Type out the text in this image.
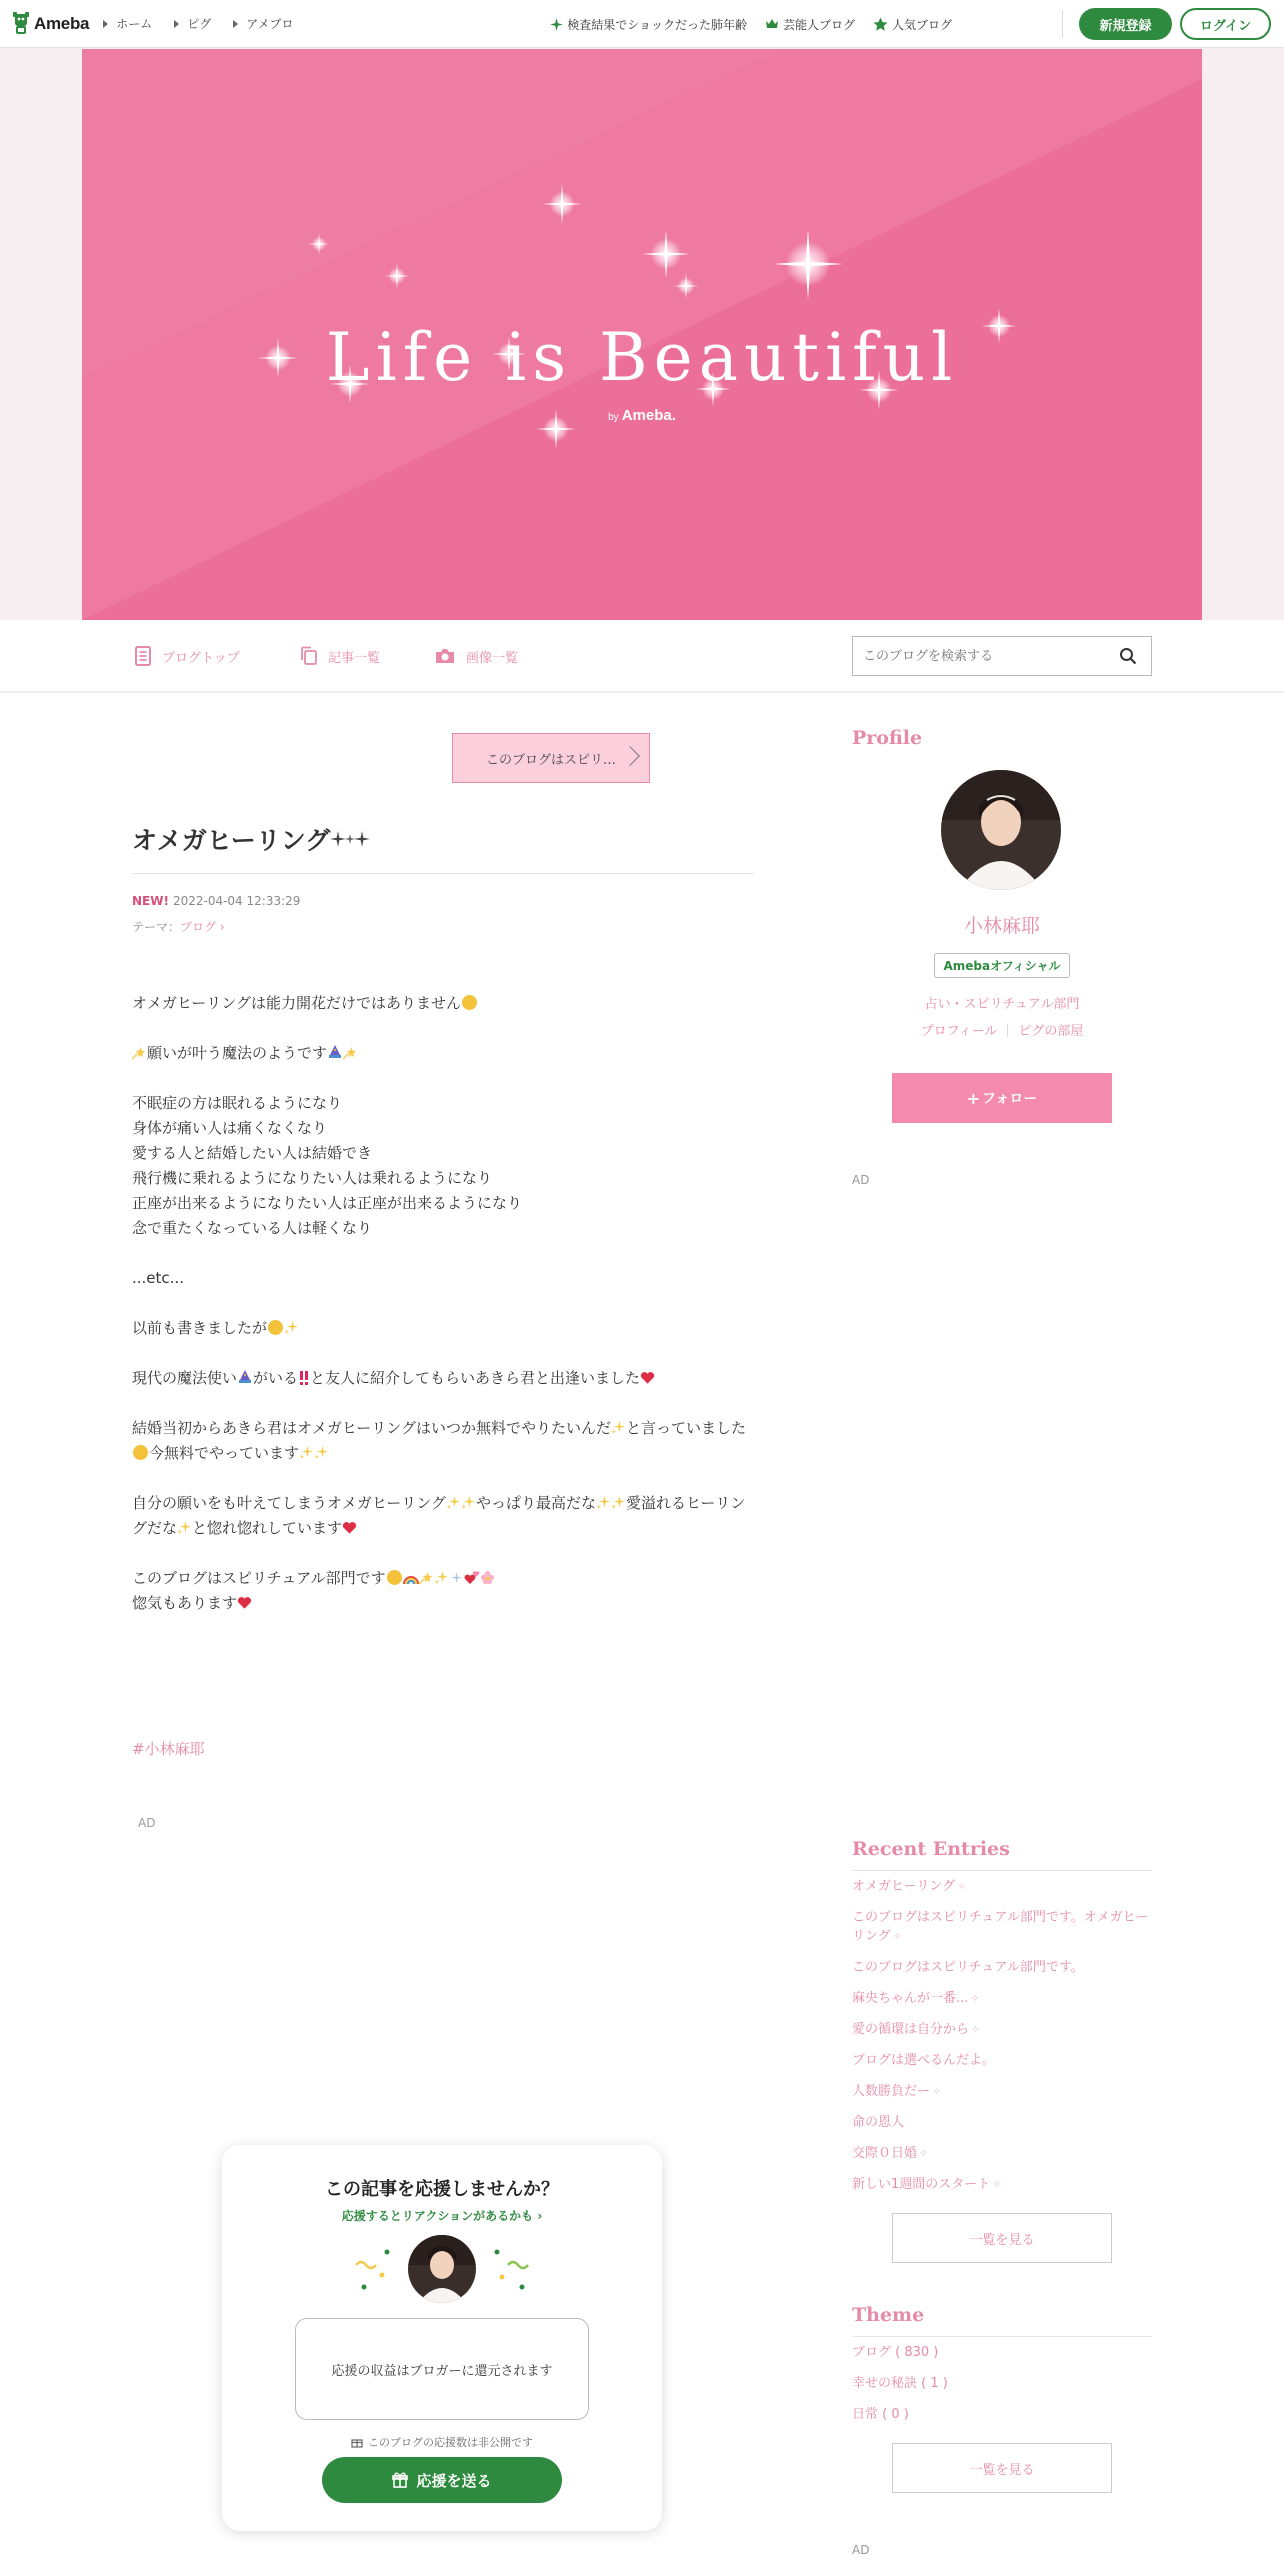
Ameba ホーム	ピグ	アメブロ	検査結果でショックだった肺年齢	芸能人ブログ	人気ブログ	新規登録	ログイン
Life is Beautiful
by Ameba.
ブログトップ	記事一覧	画像一覧
このブログを検索する
このブログはスピリ…
オメガヒーリング
NEW! 2022-04-04 12:33:29
テーマ：ブログ ›

オメガヒーリングは能力開花だけではありません

願いが叶う魔法のようです

不眠症の方は眠れるようになり
身体が痛い人は痛くなくなり
愛する人と結婚したい人は結婚でき
飛行機に乗れるようになりたい人は乗れるようになり
正座が出来るようになりたい人は正座が出来るようになり
念で重たくなっている人は軽くなり

...etc...

以前も書きましたが

現代の魔法使い がいる と友人に紹介してもらいあきら君と出逢いました

結婚当初からあきら君はオメガヒーリングはいつか無料でやりたいんだ と言っていました今無料でやっています

自分の願いをも叶えてしまうオメガヒーリング やっぱり最高だな 愛溢れるヒーリングだな と惚れ惚れしています

このブログはスピリチュアル部門です
惚気もあります

#小林麻耶
AD
この記事を応援しませんか？
応援するとリアクションがあるかも ›
応援の収益はブロガーに還元されます
このブログの応援数は非公開です
応援を送る
Profile
小林麻耶
Amebaオフィシャル
占い・スピリチュアル部門
プロフィール ピグの部屋
+ フォロー
AD
Recent Entries
オメガヒーリング ✧
このブログはスピリチュアル部門です。オメガヒーリング ✧
このブログはスピリチュアル部門です。
麻央ちゃんが一番... ✧
愛の循環は自分から ✧
ブログは選べるんだよ。
人数勝負だー ✧
命の恩人
交際０日婚 ✧
新しい1週間のスタート ✧
一覧を見る
Theme
ブログ ( 830 )
幸せの秘訣 ( 1 )
日常 ( 0 )
一覧を見る
AD
